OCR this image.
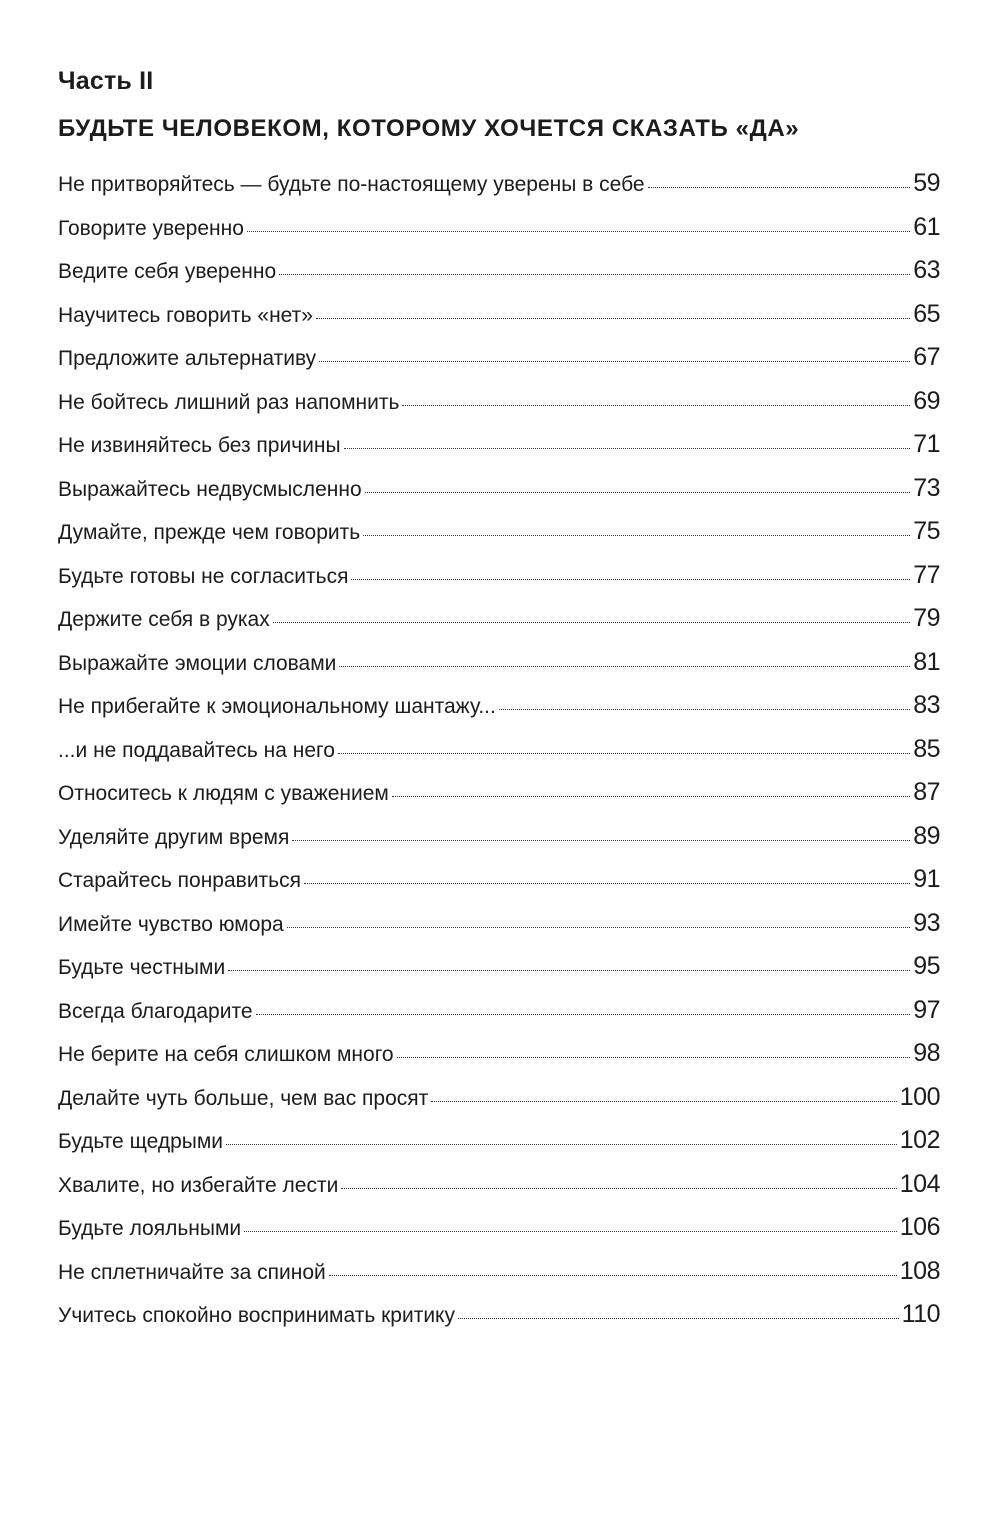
Часть II
БУДЬТЕ ЧЕЛОВЕКОМ, КОТОРОМУ ХОЧЕТСЯ СКАЗАТЬ «ДА»
Не притворяйтесь — будьте по-настоящему уверены в себе	59
Говорите уверенно	61
Ведите себя уверенно	63
Научитесь говорить «нет»	65
Предложите альтернативу	67
Не бойтесь лишний раз напомнить	69
Не извиняйтесь без причины	71
Выражайтесь недвусмысленно	73
Думайте, прежде чем говорить	75
Будьте готовы не согласиться	77
Держите себя в руках	79
Выражайте эмоции словами	81
Не прибегайте к эмоциональному шантажу...	83
...и не поддавайтесь на него	85
Относитесь к людям с уважением	87
Уделяйте другим время	89
Старайтесь понравиться	91
Имейте чувство юмора	93
Будьте честными	95
Всегда благодарите	97
Не берите на себя слишком много	98
Делайте чуть больше, чем вас просят	100
Будьте щедрыми	102
Хвалите, но избегайте лести	104
Будьте лояльными	106
Не сплетничайте за спиной	108
Учитесь спокойно воспринимать критику	110
